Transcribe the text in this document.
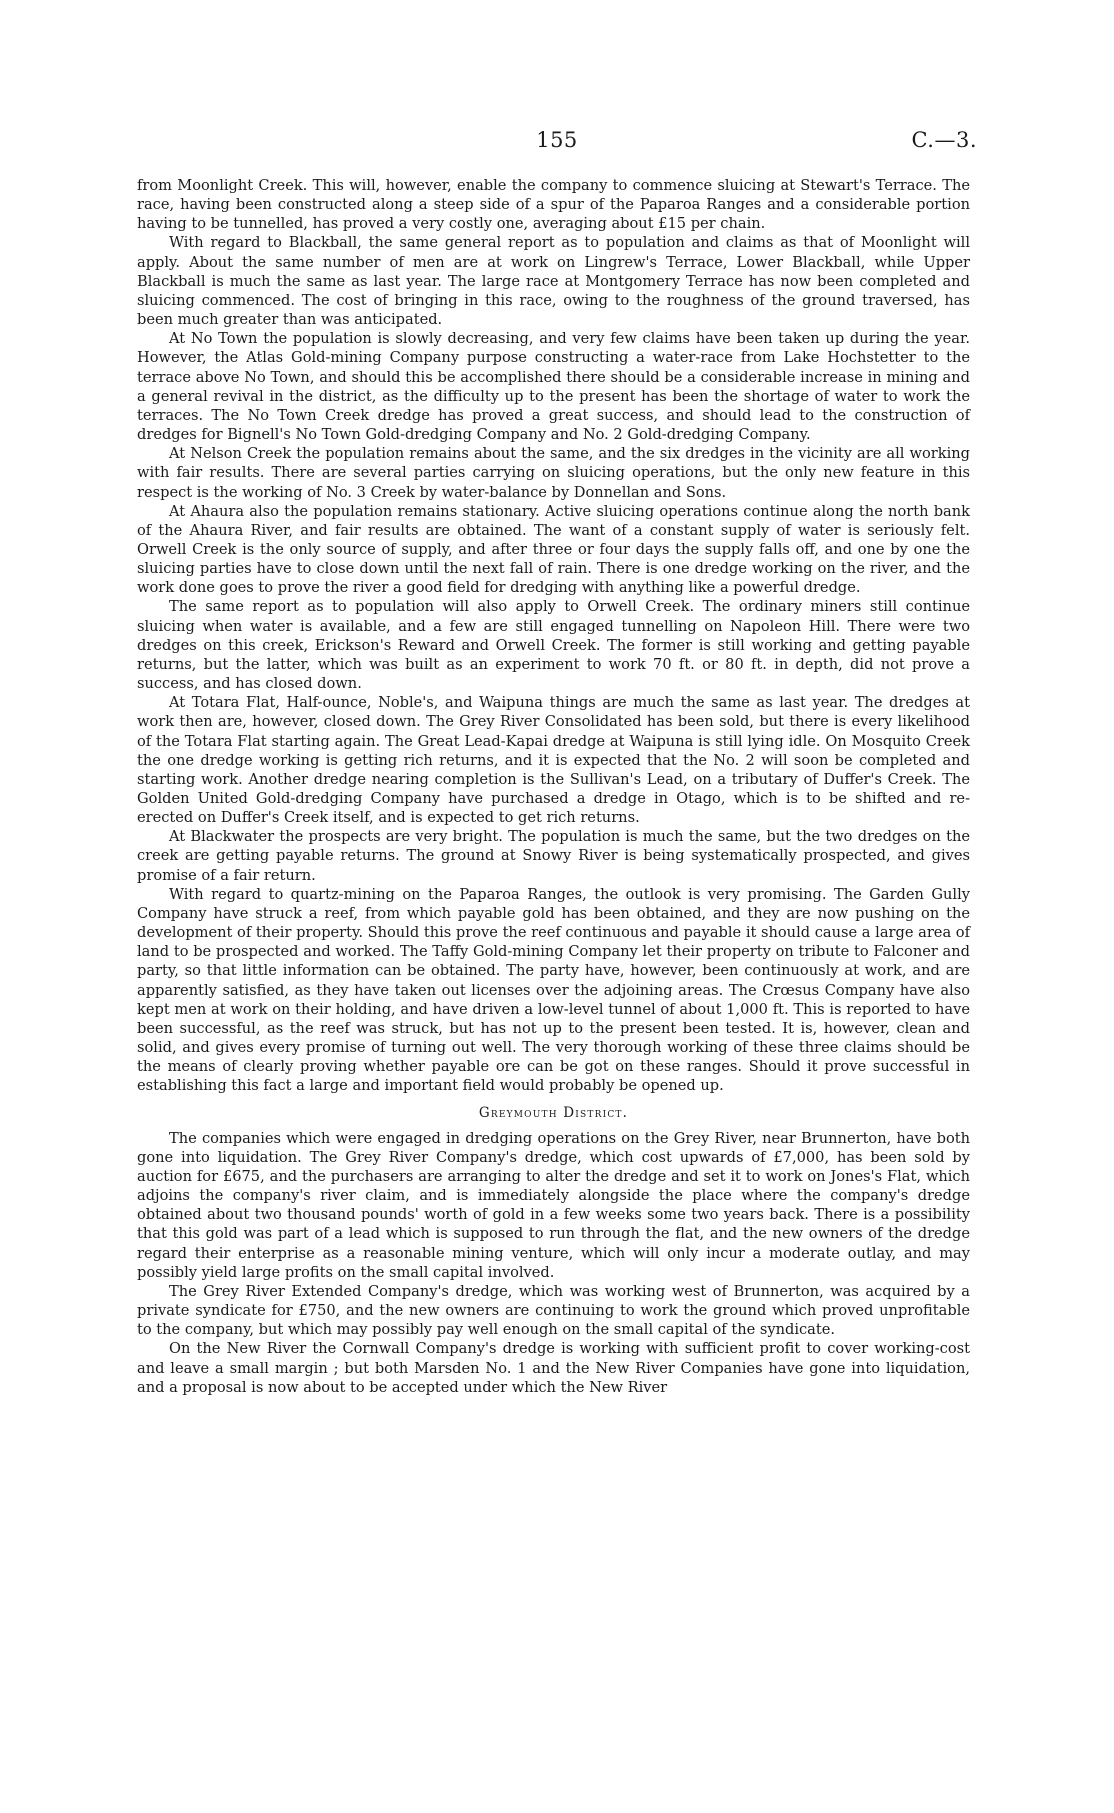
155	C.—3.

from Moonlight Creek. This will, however, enable the company to commence sluicing at Stewart's Terrace. The race, having been constructed along a steep side of a spur of the Paparoa Ranges and a considerable portion having to be tunnelled, has proved a very costly one, averaging about £15 per chain.

With regard to Blackball, the same general report as to population and claims as that of Moonlight will apply. About the same number of men are at work on Lingrew's Terrace, Lower Blackball, while Upper Blackball is much the same as last year. The large race at Montgomery Terrace has now been completed and sluicing commenced. The cost of bringing in this race, owing to the roughness of the ground traversed, has been much greater than was anticipated.

At No Town the population is slowly decreasing, and very few claims have been taken up during the year. However, the Atlas Gold-mining Company purpose constructing a water-race from Lake Hochstetter to the terrace above No Town, and should this be accomplished there should be a considerable increase in mining and a general revival in the district, as the difficulty up to the present has been the shortage of water to work the terraces. The No Town Creek dredge has proved a great success, and should lead to the construction of dredges for Bignell's No Town Gold-dredging Company and No. 2 Gold-dredging Company.

At Nelson Creek the population remains about the same, and the six dredges in the vicinity are all working with fair results. There are several parties carrying on sluicing operations, but the only new feature in this respect is the working of No. 3 Creek by water-balance by Donnellan and Sons.

At Ahaura also the population remains stationary. Active sluicing operations continue along the north bank of the Ahaura River, and fair results are obtained. The want of a constant supply of water is seriously felt. Orwell Creek is the only source of supply, and after three or four days the supply falls off, and one by one the sluicing parties have to close down until the next fall of rain. There is one dredge working on the river, and the work done goes to prove the river a good field for dredging with anything like a powerful dredge.

The same report as to population will also apply to Orwell Creek. The ordinary miners still continue sluicing when water is available, and a few are still engaged tunnelling on Napoleon Hill. There were two dredges on this creek, Erickson's Reward and Orwell Creek. The former is still working and getting payable returns, but the latter, which was built as an experiment to work 70 ft. or 80 ft. in depth, did not prove a success, and has closed down.

At Totara Flat, Half-ounce, Noble's, and Waipuna things are much the same as last year. The dredges at work then are, however, closed down. The Grey River Consolidated has been sold, but there is every likelihood of the Totara Flat starting again. The Great Lead-Kapai dredge at Waipuna is still lying idle. On Mosquito Creek the one dredge working is getting rich returns, and it is expected that the No. 2 will soon be completed and starting work. Another dredge nearing completion is the Sullivan's Lead, on a tributary of Duffer's Creek. The Golden United Gold-dredging Company have purchased a dredge in Otago, which is to be shifted and re-erected on Duffer's Creek itself, and is expected to get rich returns.

At Blackwater the prospects are very bright. The population is much the same, but the two dredges on the creek are getting payable returns. The ground at Snowy River is being systematically prospected, and gives promise of a fair return.

With regard to quartz-mining on the Paparoa Ranges, the outlook is very promising. The Garden Gully Company have struck a reef, from which payable gold has been obtained, and they are now pushing on the development of their property. Should this prove the reef continuous and payable it should cause a large area of land to be prospected and worked. The Taffy Gold-mining Company let their property on tribute to Falconer and party, so that little information can be obtained. The party have, however, been continuously at work, and are apparently satisfied, as they have taken out licenses over the adjoining areas. The Crœsus Company have also kept men at work on their holding, and have driven a low-level tunnel of about 1,000 ft. This is reported to have been successful, as the reef was struck, but has not up to the present been tested. It is, however, clean and solid, and gives every promise of turning out well. The very thorough working of these three claims should be the means of clearly proving whether payable ore can be got on these ranges. Should it prove successful in establishing this fact a large and important field would probably be opened up.

Greymouth District.

The companies which were engaged in dredging operations on the Grey River, near Brunnerton, have both gone into liquidation. The Grey River Company's dredge, which cost upwards of £7,000, has been sold by auction for £675, and the purchasers are arranging to alter the dredge and set it to work on Jones's Flat, which adjoins the company's river claim, and is immediately alongside the place where the company's dredge obtained about two thousand pounds' worth of gold in a few weeks some two years back. There is a possibility that this gold was part of a lead which is supposed to run through the flat, and the new owners of the dredge regard their enterprise as a reasonable mining venture, which will only incur a moderate outlay, and may possibly yield large profits on the small capital involved.

The Grey River Extended Company's dredge, which was working west of Brunnerton, was acquired by a private syndicate for £750, and the new owners are continuing to work the ground which proved unprofitable to the company, but which may possibly pay well enough on the small capital of the syndicate.

On the New River the Cornwall Company's dredge is working with sufficient profit to cover working-cost and leave a small margin ; but both Marsden No. 1 and the New River Companies have gone into liquidation, and a proposal is now about to be accepted under which the New River
